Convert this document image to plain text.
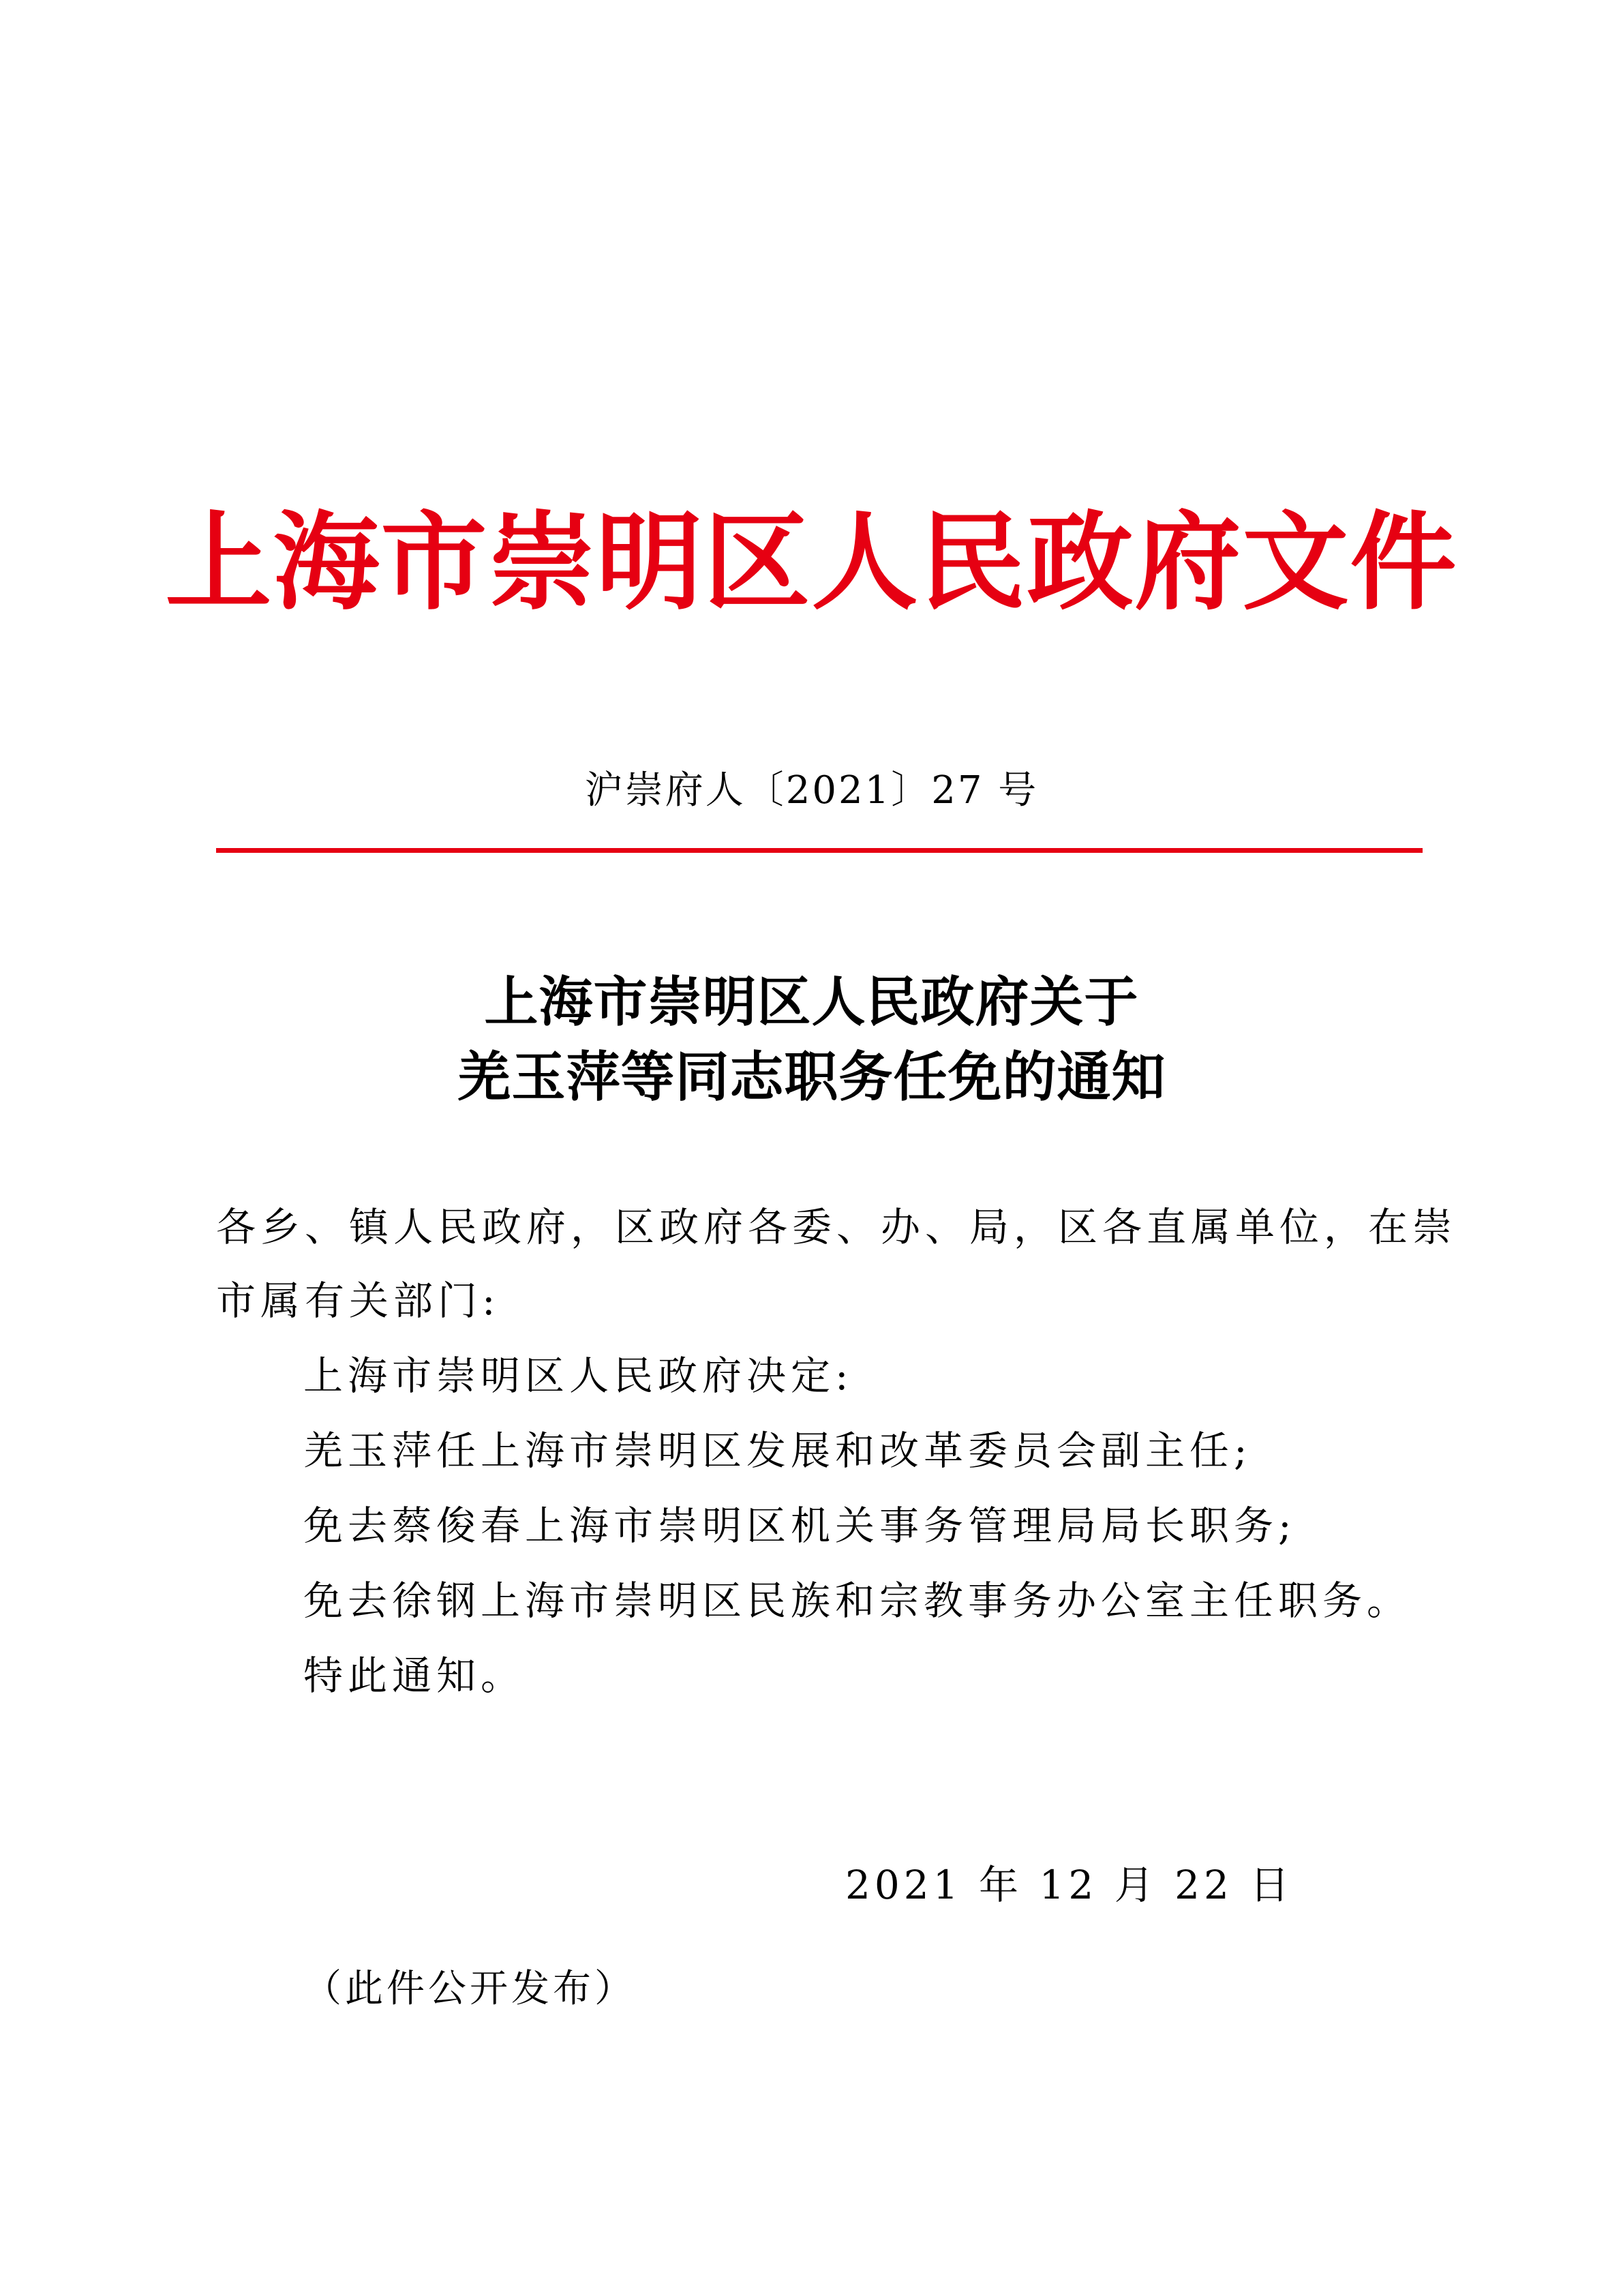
上海市崇明区人民政府文件
沪崇府人〔2021〕27 号
上海市崇明区人民政府关于
羌玉萍等同志职务任免的通知
各乡、镇人民政府，区政府各委、办、局，区各直属单位，在崇
市属有关部门:
上海市崇明区人民政府决定:
羌玉萍任上海市崇明区发展和改革委员会副主任;
免去蔡俊春上海市崇明区机关事务管理局局长职务;
免去徐钢上海市崇明区民族和宗教事务办公室主任职务。
特此通知。
2021 年 12 月 22 日
（此件公开发布）
